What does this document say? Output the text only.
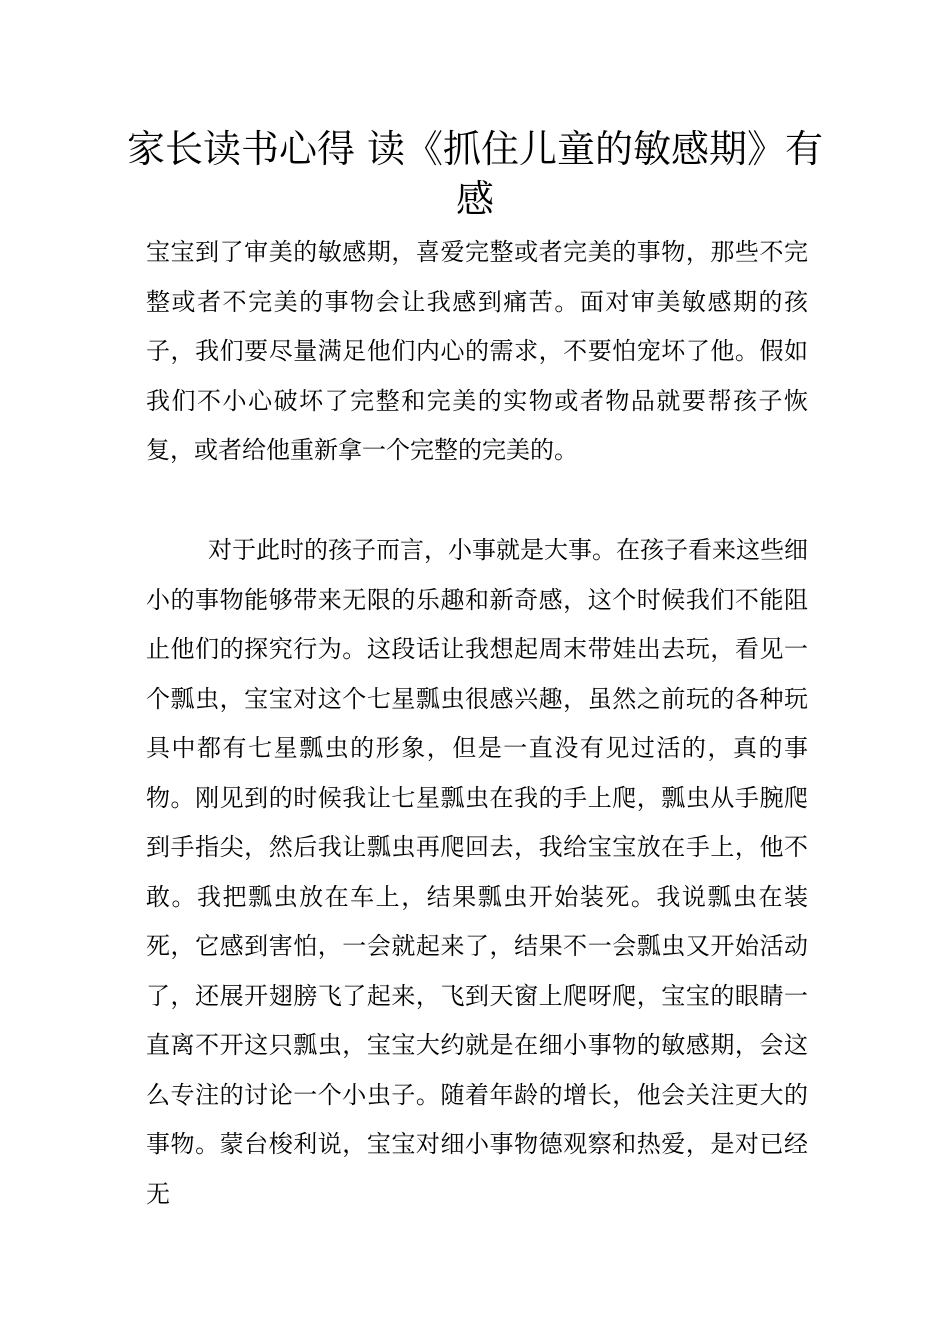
家长读书心得 读《抓住儿童的敏感期》有感

宝宝到了审美的敏感期，喜爱完整或者完美的事物，那些不完整或者不完美的事物会让我感到痛苦。面对审美敏感期的孩子，我们要尽量满足他们内心的需求，不要怕宠坏了他。假如我们不小心破坏了完整和完美的实物或者物品就要帮孩子恢复，或者给他重新拿一个完整的完美的。

对于此时的孩子而言，小事就是大事。在孩子看来这些细小的事物能够带来无限的乐趣和新奇感，这个时候我们不能阻止他们的探究行为。这段话让我想起周末带娃出去玩，看见一个瓢虫，宝宝对这个七星瓢虫很感兴趣，虽然之前玩的各种玩具中都有七星瓢虫的形象，但是一直没有见过活的，真的事物。刚见到的时候我让七星瓢虫在我的手上爬，瓢虫从手腕爬到手指尖，然后我让瓢虫再爬回去，我给宝宝放在手上，他不敢。我把瓢虫放在车上，结果瓢虫开始装死。我说瓢虫在装死，它感到害怕，一会就起来了，结果不一会瓢虫又开始活动了，还展开翅膀飞了起来，飞到天窗上爬呀爬，宝宝的眼睛一直离不开这只瓢虫，宝宝大约就是在细小事物的敏感期，会这么专注的讨论一个小虫子。随着年龄的增长，他会关注更大的事物。蒙台梭利说，宝宝对细小事物德观察和热爱，是对已经无
